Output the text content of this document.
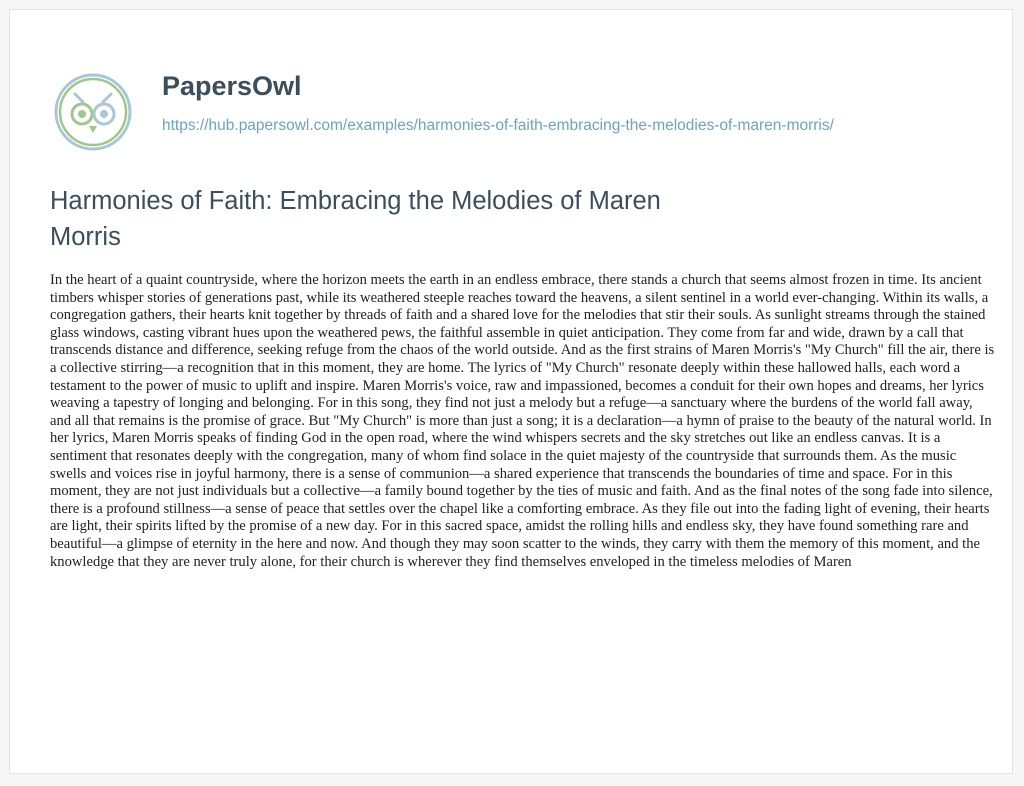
PapersOwl
https://hub.papersowl.com/examples/harmonies-of-faith-embracing-the-melodies-of-maren-morris/
Harmonies of Faith: Embracing the Melodies of Maren Morris

In the heart of a quaint countryside, where the horizon meets the earth in an endless embrace, there stands a church that seems almost frozen in time. Its ancient timbers whisper stories of generations past, while its weathered steeple reaches toward the heavens, a silent sentinel in a world ever-changing. Within its walls, a congregation gathers, their hearts knit together by threads of faith and a shared love for the melodies that stir their souls. As sunlight streams through the stained glass windows, casting vibrant hues upon the weathered pews, the faithful assemble in quiet anticipation. They come from far and wide, drawn by a call that transcends distance and difference, seeking refuge from the chaos of the world outside. And as the first strains of Maren Morris's "My Church" fill the air, there is a collective stirring—a recognition that in this moment, they are home. The lyrics of "My Church" resonate deeply within these hallowed halls, each word a testament to the power of music to uplift and inspire. Maren Morris's voice, raw and impassioned, becomes a conduit for their own hopes and dreams, her lyrics weaving a tapestry of longing and belonging. For in this song, they find not just a melody but a refuge—a sanctuary where the burdens of the world fall away, and all that remains is the promise of grace. But "My Church" is more than just a song; it is a declaration—a hymn of praise to the beauty of the natural world. In her lyrics, Maren Morris speaks of finding God in the open road, where the wind whispers secrets and the sky stretches out like an endless canvas. It is a sentiment that resonates deeply with the congregation, many of whom find solace in the quiet majesty of the countryside that surrounds them. As the music swells and voices rise in joyful harmony, there is a sense of communion—a shared experience that transcends the boundaries of time and space. For in this moment, they are not just individuals but a collective—a family bound together by the ties of music and faith. And as the final notes of the song fade into silence, there is a profound stillness—a sense of peace that settles over the chapel like a comforting embrace. As they file out into the fading light of evening, their hearts are light, their spirits lifted by the promise of a new day. For in this sacred space, amidst the rolling hills and endless sky, they have found something rare and beautiful—a glimpse of eternity in the here and now. And though they may soon scatter to the winds, they carry with them the memory of this moment, and the knowledge that they are never truly alone, for their church is wherever they find themselves enveloped in the timeless melodies of Maren
